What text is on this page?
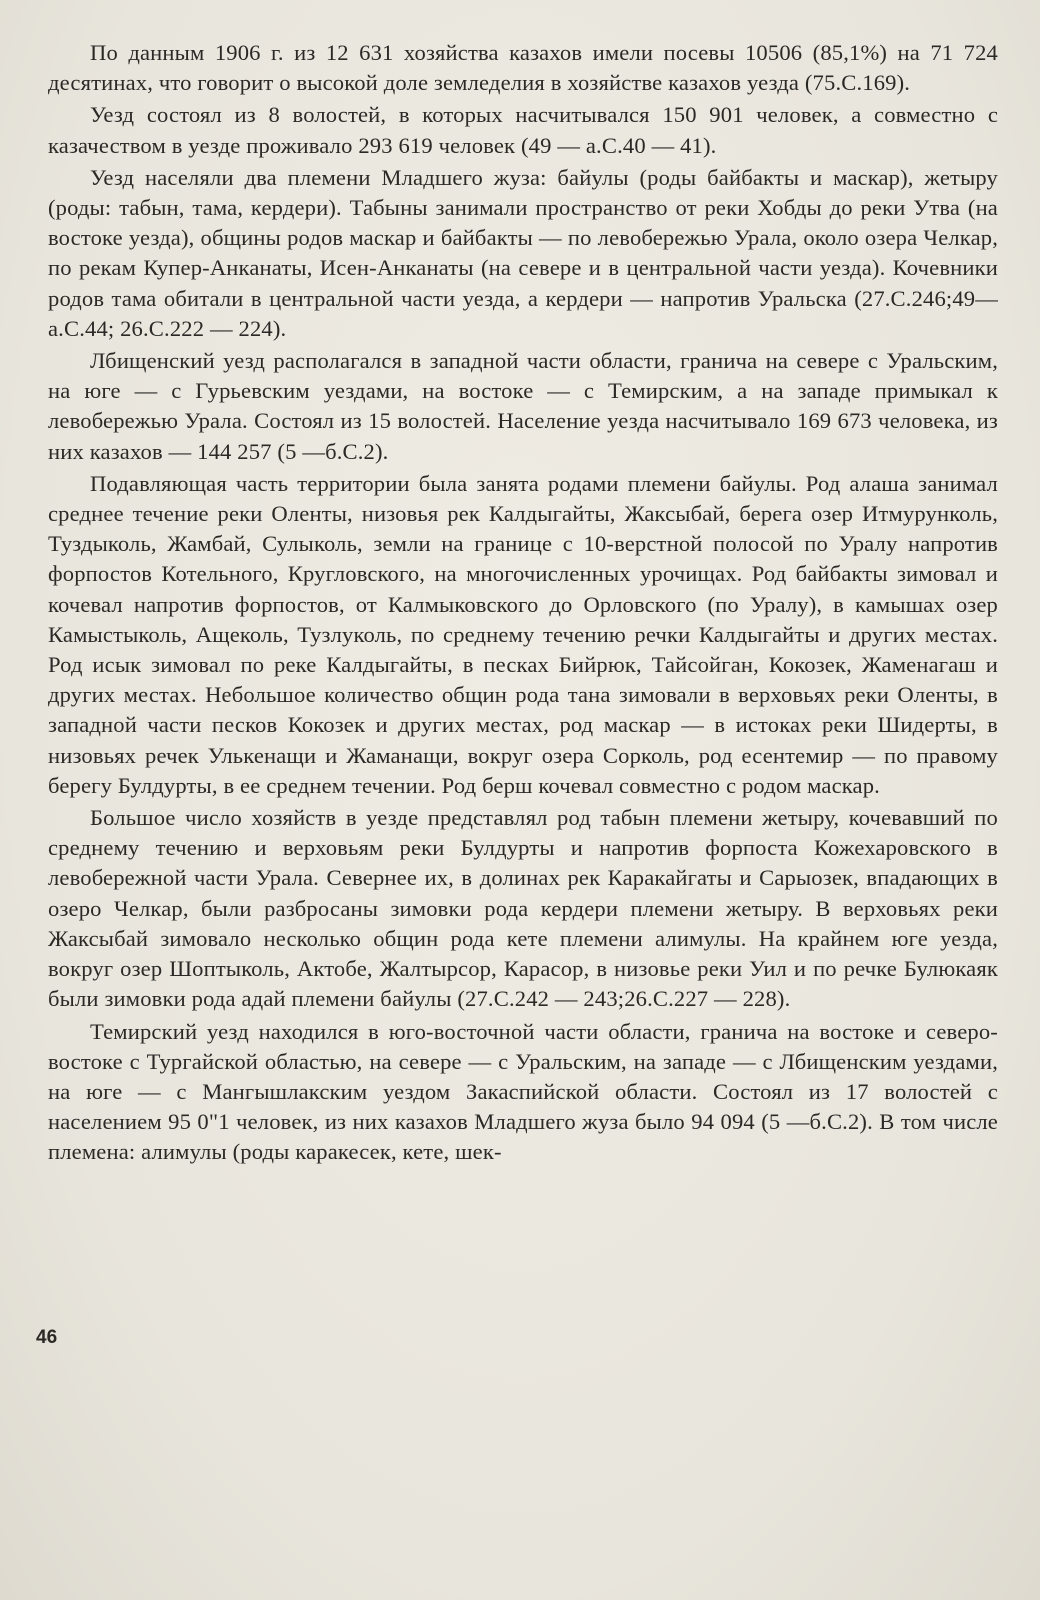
По данным 1906 г. из 12 631 хозяйства казахов имели посевы 10506 (85,1%) на 71 724 десятинах, что говорит о высокой доле земледелия в хозяйстве казахов уезда (75.С.169).

Уезд состоял из 8 волостей, в которых насчитывался 150 901 человек, а совместно с казачеством в уезде проживало 293 619 человек (49 — а.С.40 — 41).

Уезд населяли два племени Младшего жуза: байулы (роды байбакты и маскар), жетыру (роды: табын, тама, кердери). Табыны занимали пространство от реки Хобды до реки Утва (на востоке уезда), общины родов маскар и байбакты — по левобережью Урала, около озера Челкар, по рекам Купер-Анканаты, Исен-Анканаты (на севере и в центральной части уезда). Кочевники родов тама обитали в центральной части уезда, а кердери — напротив Уральска (27.С.246;49—а.С.44; 26.С.222 — 224).

Лбищенский уезд располагался в западной части области, гранича на севере с Уральским, на юге — с Гурьевским уездами, на востоке — с Темирским, а на западе примыкал к левобережью Урала. Состоял из 15 волостей. Население уезда насчитывало 169 673 человека, из них казахов — 144 257 (5 —б.С.2).

Подавляющая часть территории была занята родами племени байулы. Род алаша занимал среднее течение реки Оленты, низовья рек Калдыгайты, Жаксыбай, берега озер Итмурунколь, Туздыколь, Жамбай, Сулыколь, земли на границе с 10-верстной полосой по Уралу напротив форпостов Котельного, Кругловского, на многочисленных урочищах. Род байбакты зимовал и кочевал напротив форпостов, от Калмыковского до Орловского (по Уралу), в камышах озер Камыстыколь, Ащеколь, Тузлуколь, по среднему течению речки Калдыгайты и других местах. Род исык зимовал по реке Калдыгайты, в песках Бийрюк, Тайсойган, Кокозек, Жаменагаш и других местах. Небольшое количество общин рода тана зимовали в верховьях реки Оленты, в западной части песков Кокозек и других местах, род маскар — в истоках реки Шидерты, в низовьях речек Улькенащи и Жаманащи, вокруг озера Сорколь, род есентемир — по правому берегу Булдурты, в ее среднем течении. Род берш кочевал совместно с родом маскар.

Большое число хозяйств в уезде представлял род табын племени жетыру, кочевавший по среднему течению и верховьям реки Булдурты и напротив форпоста Кожехаровского в левобережной части Урала. Севернее их, в долинах рек Каракайгаты и Сарыозек, впадающих в озеро Челкар, были разбросаны зимовки рода кердери племени жетыру. В верховьях реки Жаксыбай зимовало несколько общин рода кете племени алимулы. На крайнем юге уезда, вокруг озер Шоптыколь, Актобе, Жалтырсор, Карасор, в низовье реки Уил и по речке Булюкаяк были зимовки рода адай племени байулы (27.С.242 — 243;26.С.227 — 228).

Темирский уезд находился в юго-восточной части области, гранича на востоке и северо-востоке с Тургайской областью, на севере — с Уральским, на западе — с Лбищенским уездами, на юге — с Мангышлакским уездом Закаспийской области. Состоял из 17 волостей с населением 95 0"1 человек, из них казахов Младшего жуза было 94 094 (5 —б.С.2). В том числе племена: алимулы (роды каракесек, кете, шек-

46
